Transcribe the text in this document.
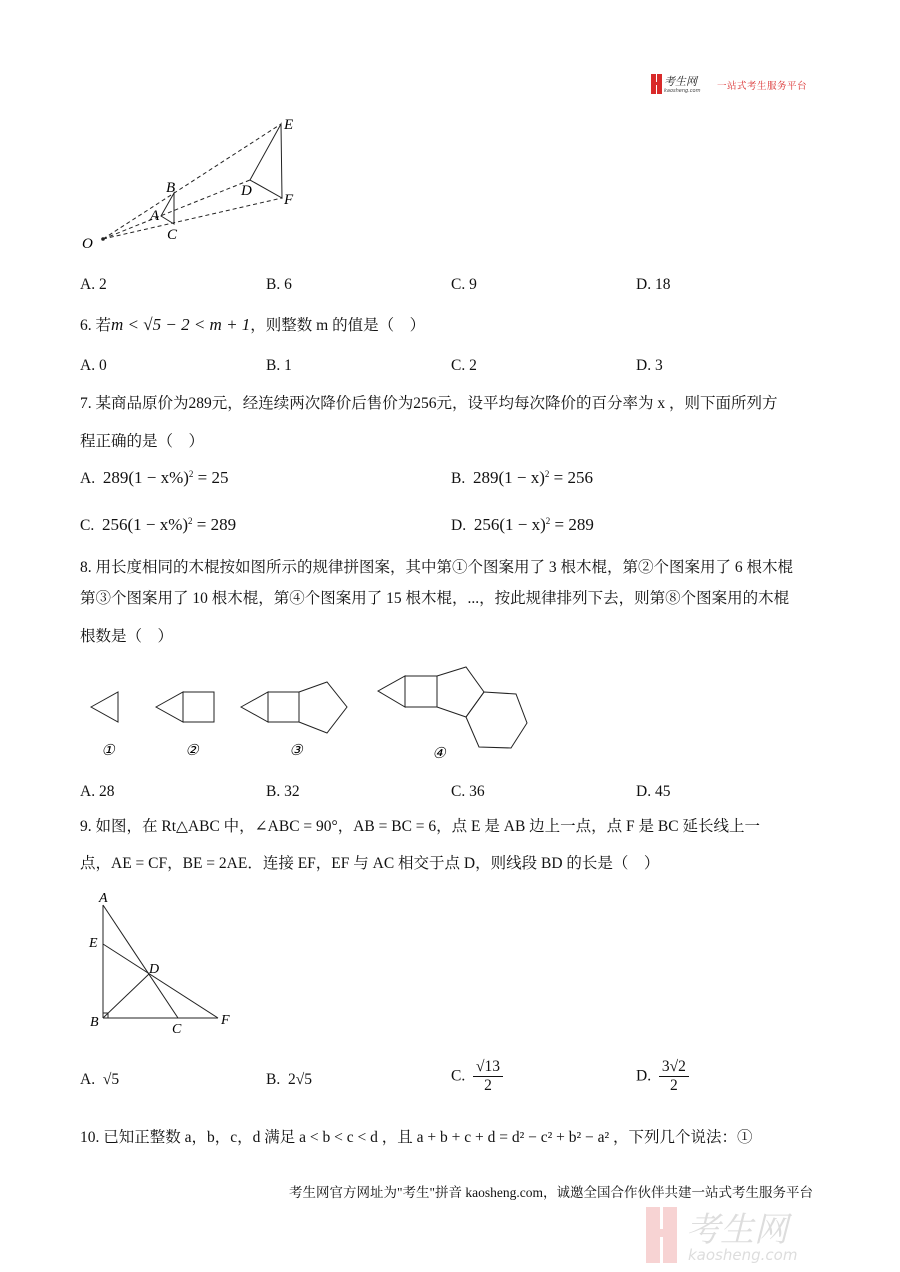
考生网
kaosheng.com 一站式考生服务平台
O
A
B
C
D
E
F
A. 2	B. 6	C. 9	D. 18
6. 若m < √5 − 2 < m + 1，则整数 m 的值是（　）
A. 0	B. 1	C. 2	D. 3
7. 某商品原价为289元，经连续两次降价后售价为256元，设平均每次降价的百分率为 x ，则下面所列方
程正确的是（　）
A. $289(1 - x\%)^2 = 25$	B. $289(1 - x)^2 = 256$
C. $256(1 - x\%)^2 = 289$	D. $256(1 - x)^2 = 289$
8. 用长度相同的木棍按如图所示的规律拼图案，其中第①个图案用了 3 根木棍，第②个图案用了 6 根木棍
第③个图案用了 10 根木棍，第④个图案用了 15 根木棍，...，按此规律排列下去，则第⑧个图案用的木棍
根数是（　）
①	②	③	④
A. 28	B. 32	C. 36	D. 45
9. 如图，在 Rt△ABC 中，∠ABC = 90°，AB = BC = 6，点 E 是 AB 边上一点，点 F 是 BC 延长线上一
点，AE = CF，BE = 2AE．连接 EF，EF 与 AC 相交于点 D，则线段 BD 的长是（　）
A
E
D
B	C
F
A. √5	B. 2√5	C. $\frac{√13}{2}$	D. $\frac{3√2}{2}$
10. 已知正整数 a，b，c，d 满足 a < b < c < d ，且 a + b + c + d = d² − c² + b² − a² ，下列几个说法：①
考生网官方网址为"考生"拼音 kaosheng.com，诚邀全国合作伙伴共建一站式考生服务平台
考生网
kaosheng.com
